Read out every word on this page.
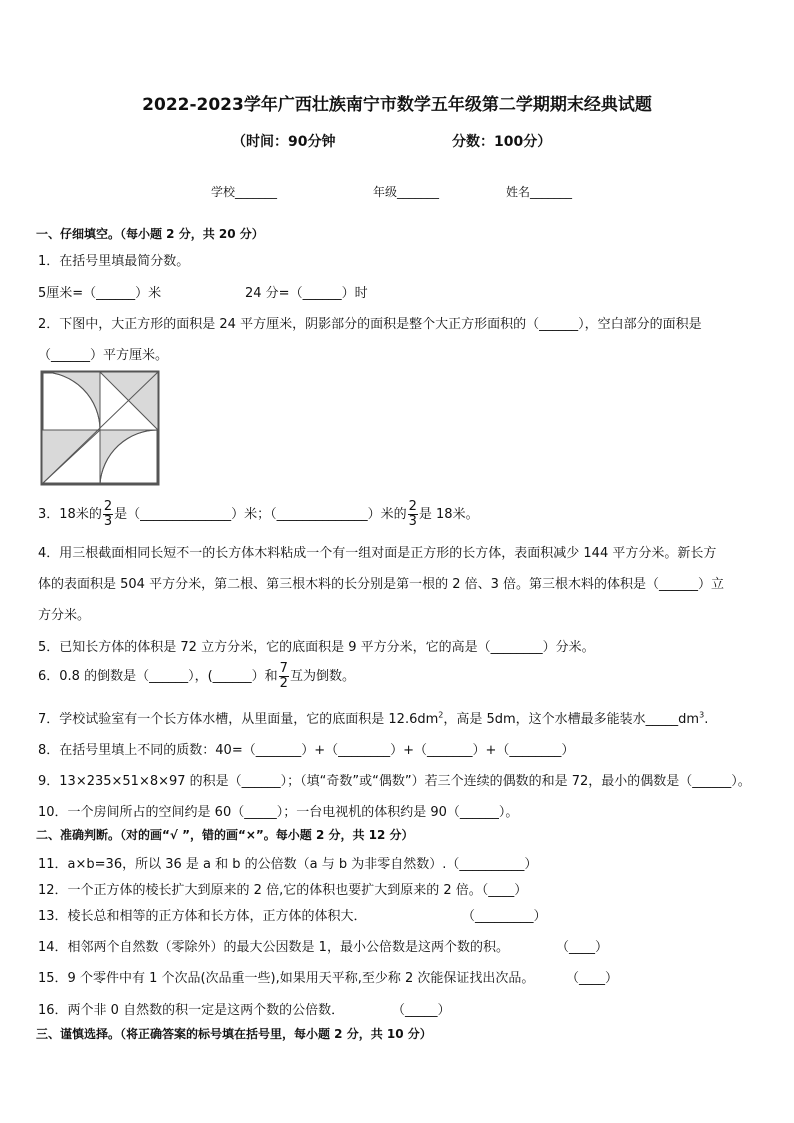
2022-2023学年广西壮族南宁市数学五年级第二学期期末经典试题
（时间：90分钟	分数：100分）
学校_______	年级_______	姓名_______
一、仔细填空。（每小题 2 分，共 20 分）
1．在括号里填最简分数。
5厘米=（______）米	24 分=（______）时
2．下图中，大正方形的面积是 24 平方厘米，阴影部分的面积是整个大正方形面积的（______），空白部分的面积是
（______）平方厘米。
3．18米的 $\frac{2}{3}$ 是（______________）米；（______________）米的 $\frac{2}{3}$ 是 18米。
4．用三根截面相同长短不一的长方体木料粘成一个有一组对面是正方形的长方体，表面积减少 144 平方分米。新长方
体的表面积是 504 平方分米，第二根、第三根木料的长分别是第一根的 2 倍、3 倍。第三根木料的体积是（______）立
方分米。
5．已知长方体的体积是 72 立方分米，它的底面积是 9 平方分米，它的高是（________）分米。
6．0.8 的倒数是（______），(______）和 $\frac{7}{2}$ 互为倒数。
7．学校试验室有一个长方体水槽，从里面量，它的底面积是 $12.6dm^2$，高是 5dm，这个水槽最多能装水$\_\_\_\_\_dm^3$.
8．在括号里填上不同的质数：40=（_______）+（________）+（_______）+（________）
9．13×235×51×8×97 的积是（______）；（填“奇数”或“偶数”）若三个连续的偶数的和是 72，最小的偶数是（______）。
10．一个房间所占的空间约是 60（_____）；一台电视机的体积约是 90（______）。
二、准确判断。（对的画“√ ”，错的画“×”。每小题 2 分，共 12 分）
11．a×b=36，所以 36 是 a 和 b 的公倍数（a 与 b 为非零自然数）.（__________）
12．一个正方体的棱长扩大到原来的 2 倍,它的体积也要扩大到原来的 2 倍。（____）
13．棱长总和相等的正方体和长方体，正方体的体积大．	（_________）
14．相邻两个自然数（零除外）的最大公因数是 1，最小公倍数是这两个数的积。	（____）
15．9 个零件中有 1 个次品(次品重一些),如果用天平称,至少称 2 次能保证找出次品。 （____）
16．两个非 0 自然数的积一定是这两个数的公倍数．	（_____）
三、谨慎选择。（将正确答案的标号填在括号里，每小题 2 分，共 10 分）
